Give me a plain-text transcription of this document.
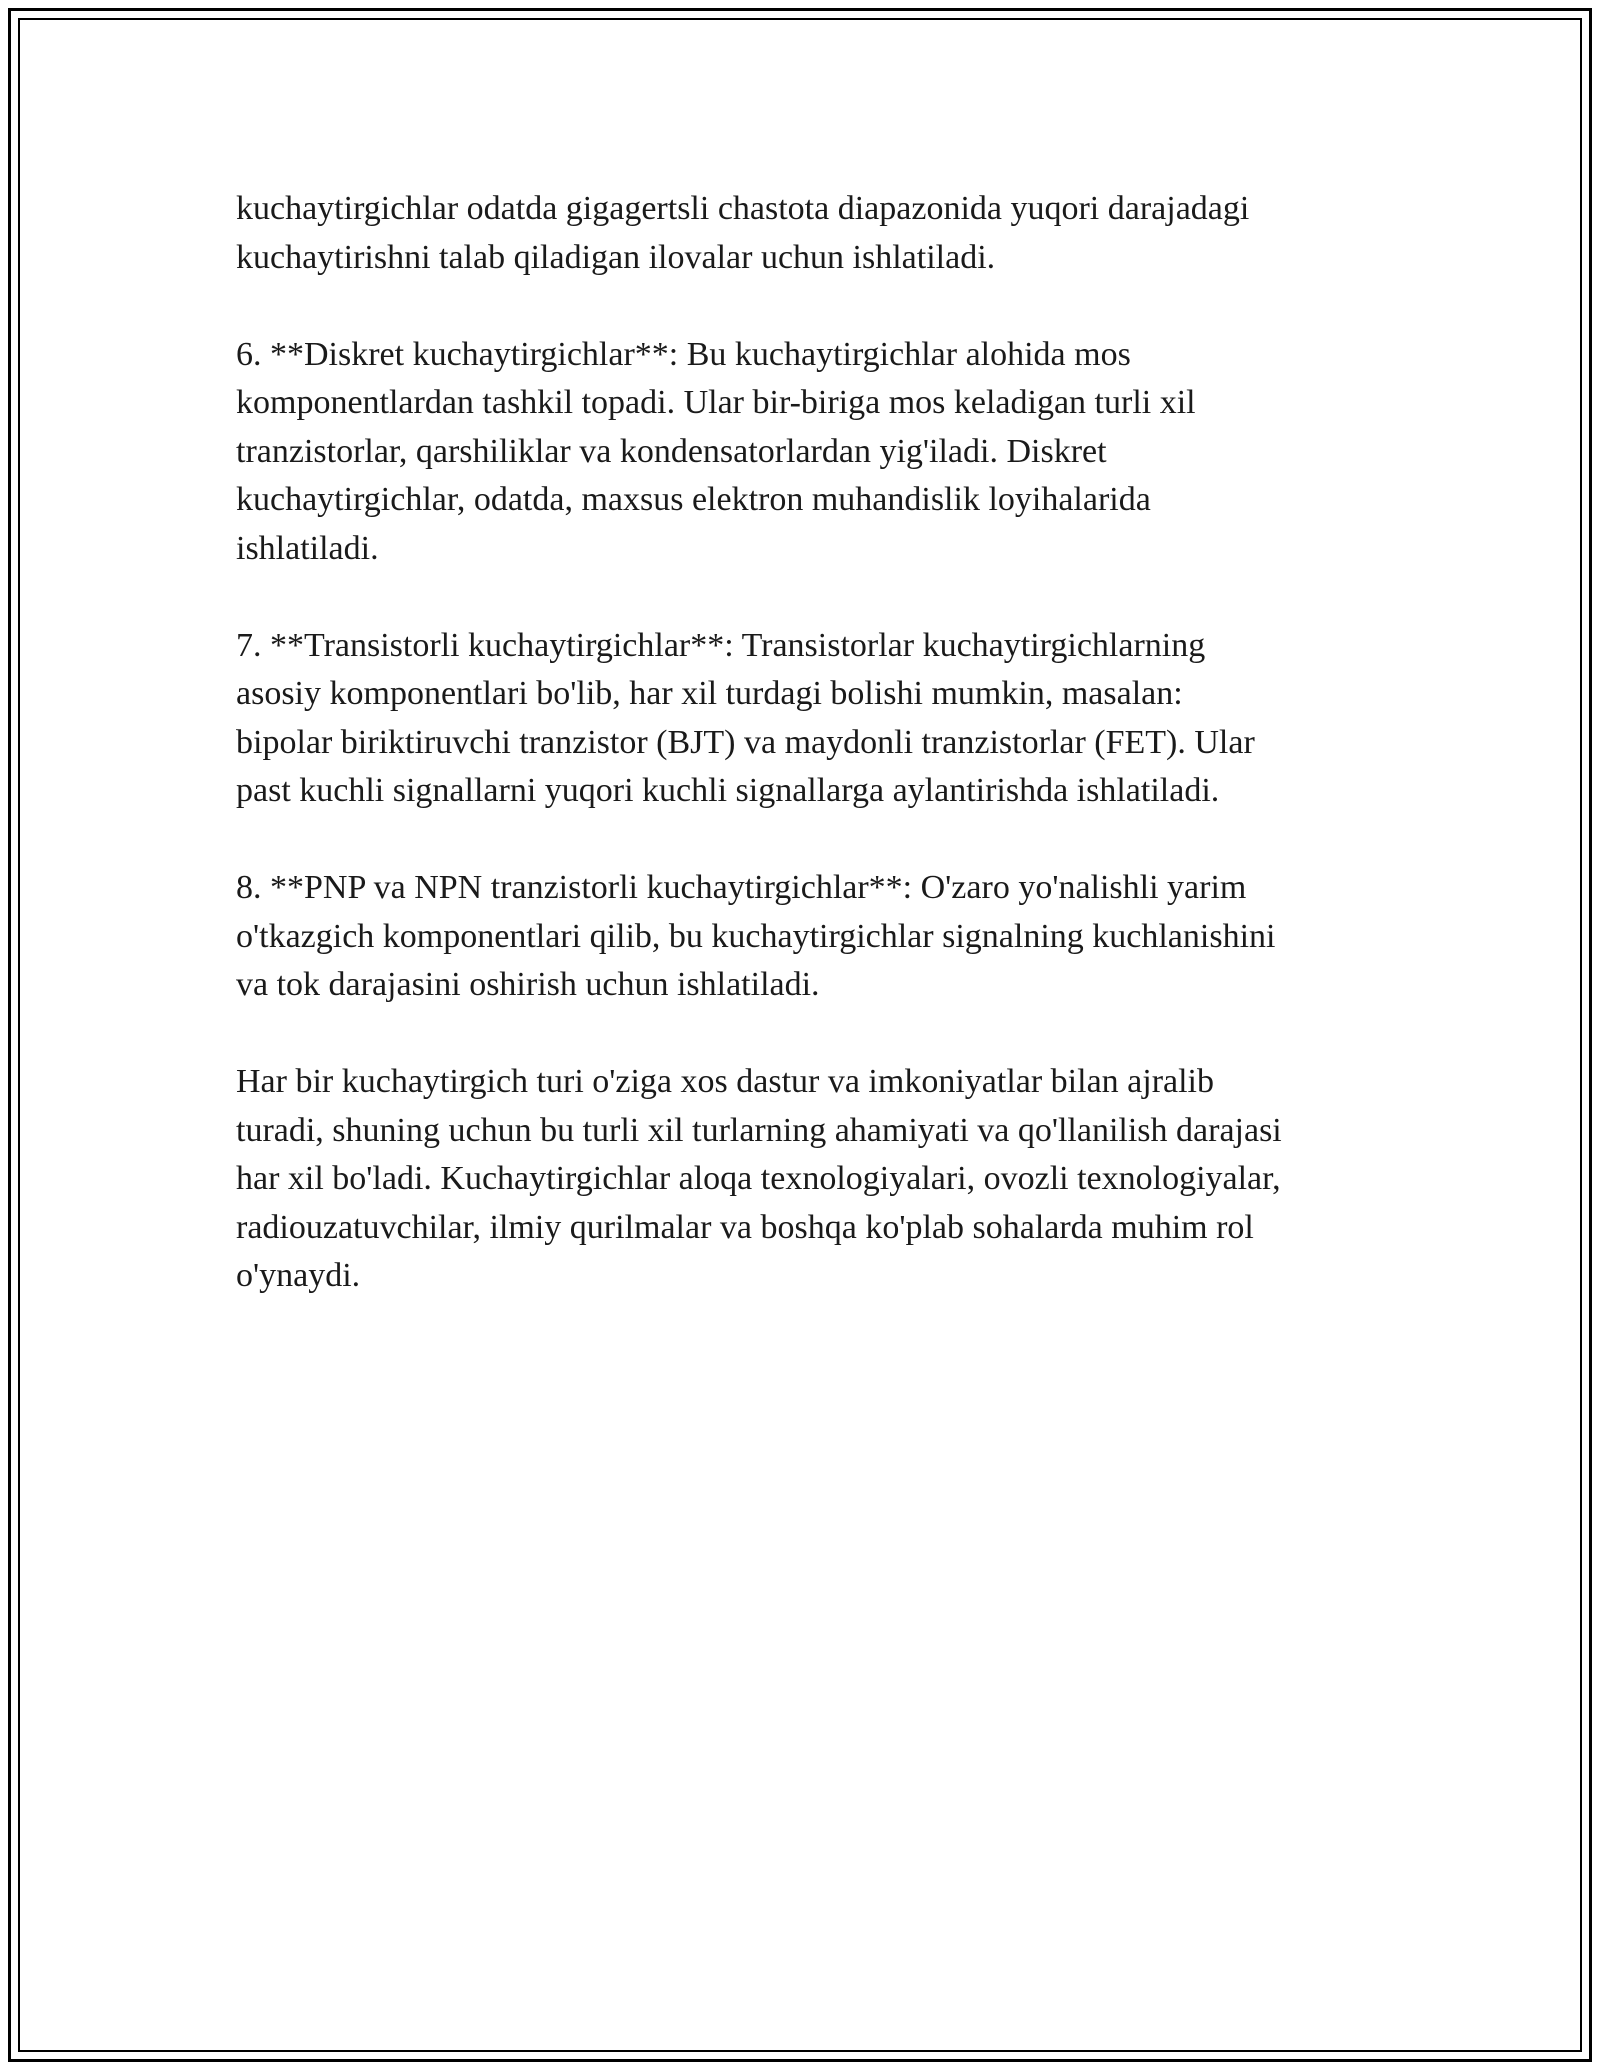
kuchaytirgichlar odatda gigagertsli chastota diapazonida yuqori darajadagi
kuchaytirishni talab qiladigan ilovalar uchun ishlatiladi.

6. **Diskret kuchaytirgichlar**: Bu kuchaytirgichlar alohida mos
komponentlardan tashkil topadi. Ular bir-biriga mos keladigan turli xil
tranzistorlar, qarshiliklar va kondensatorlardan yig'iladi. Diskret
kuchaytirgichlar, odatda, maxsus elektron muhandislik loyihalarida
ishlatiladi.

7. **Transistorli kuchaytirgichlar**: Transistorlar kuchaytirgichlarning
asosiy komponentlari bo'lib, har xil turdagi bolishi mumkin, masalan:
bipolar biriktiruvchi tranzistor (BJT) va maydonli tranzistorlar (FET). Ular
past kuchli signallarni yuqori kuchli signallarga aylantirishda ishlatiladi.

8. **PNP va NPN tranzistorli kuchaytirgichlar**: O'zaro yo'nalishli yarim
o'tkazgich komponentlari qilib, bu kuchaytirgichlar signalning kuchlanishini
va tok darajasini oshirish uchun ishlatiladi.

Har bir kuchaytirgich turi o'ziga xos dastur va imkoniyatlar bilan ajralib
turadi, shuning uchun bu turli xil turlarning ahamiyati va qo'llanilish darajasi
har xil bo'ladi. Kuchaytirgichlar aloqa texnologiyalari, ovozli texnologiyalar,
radiouzatuvchilar, ilmiy qurilmalar va boshqa ko'plab sohalarda muhim rol
o'ynaydi.
